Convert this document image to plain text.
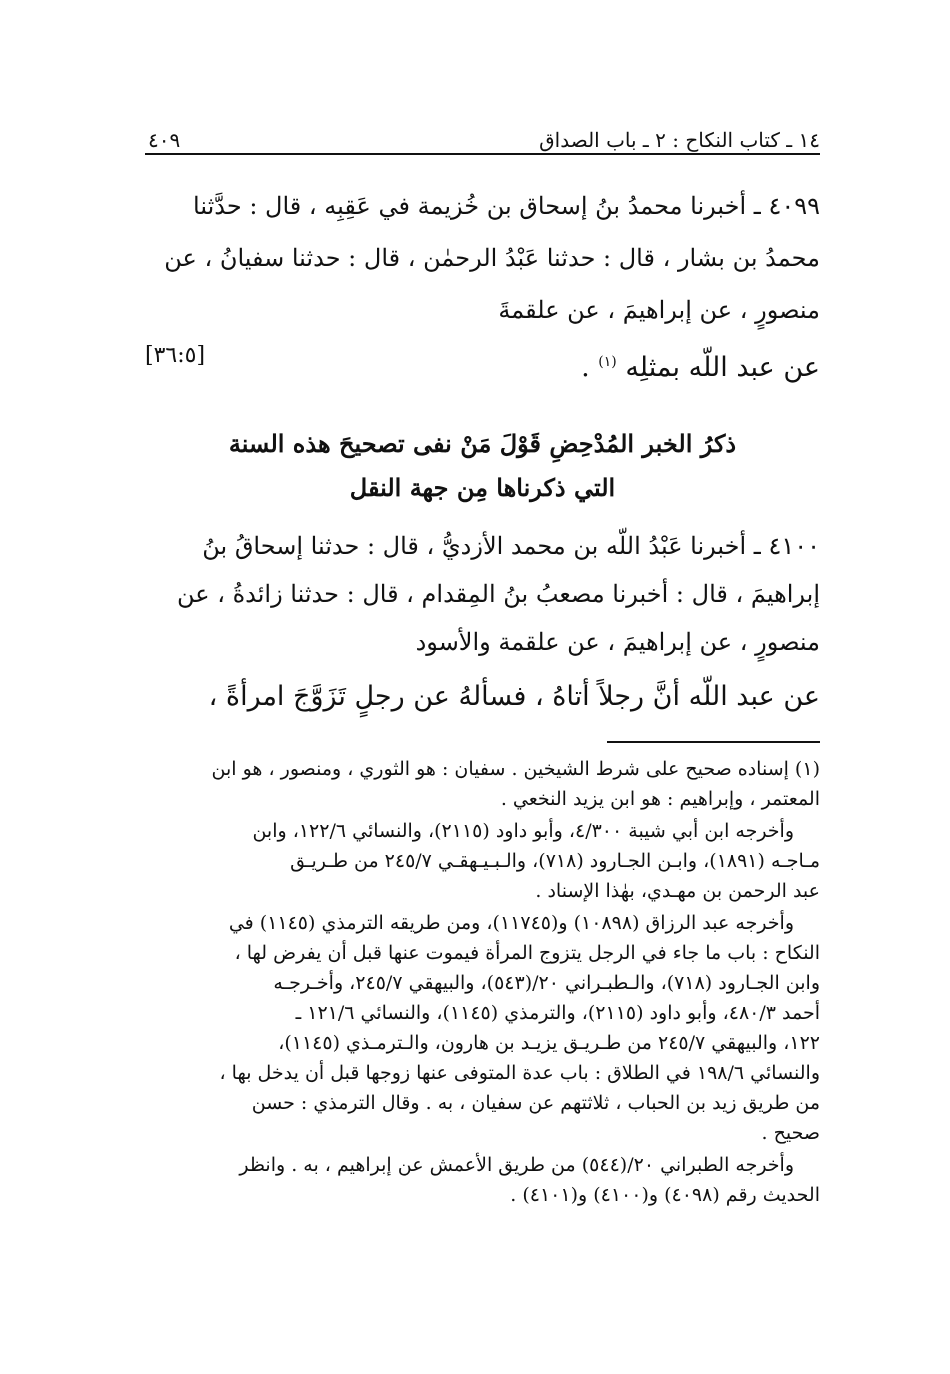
٤٠٩	١٤ ـ كتاب النكاح : ٢ ـ باب الصداق

٤٠٩٩ ـ أخبرنا محمدُ بنُ إسحاق بن خُزيمة في عَقِبِه ، قال : حدَّثنا
محمدُ بن بشار ، قال : حدثنا عَبْدُ الرحمٰن ، قال : حدثنا سفيانُ ، عن
منصورٍ ، عن إبراهيمَ ، عن علقمةَ
عن عبد اللّه بمثلِه $^{(١)}$ .

[٣٦:٥]
ذكرُ الخبر المُدْحِضِ قَوْلَ مَنْ نفى تصحيحَ هذه السنة
التي ذكرناها مِن جهة النقل

٤١٠٠ ـ أخبرنا عَبْدُ اللّه بن محمد الأزديُّ ، قال : حدثنا إسحاقُ بنُ
إبراهيمَ ، قال : أخبرنا مصعبُ بنُ المِقدام ، قال : حدثنا زائدةُ ، عن
منصورٍ ، عن إبراهيمَ ، عن علقمة والأسود
عن عبد اللّه أنَّ رجلاً أتاهُ ، فسألهُ عن رجلٍ تَزَوَّجَ امرأةً ،

(١) إسناده صحيح على شرط الشيخين . سفيان : هو الثوري ، ومنصور ، هو ابن
المعتمر ، وإبراهيم : هو ابن يزيد النخعي .
وأخرجه ابن أبي شيبة ٤/٣٠٠، وأبو داود (٢١١٥)، والنسائي ١٢٢/٦، وابن
مـاجـه (١٨٩١)، وابـن الجـارود (٧١٨)، والـبـيـهقـي ٢٤٥/٧ من طـريـق
عبد الرحمن بن مهـدي، بهٰذا الإسناد .
وأخرجه عبد الرزاق (١٠٨٩٨) و(١١٧٤٥)، ومن طريقه الترمذي (١١٤٥) في
النكاح : باب ما جاء في الرجل يتزوج المرأة فيموت عنها قبل أن يفرض لها ،
وابن الجـارود (٧١٨)، والـطبـراني ٢٠/(٥٤٣)، والبيهقي ٢٤٥/٧، وأخـرجـه
أحمد ٤٨٠/٣، وأبو داود (٢١١٥)، والترمذي (١١٤٥)، والنسائي ١٢١/٦ ـ
١٢٢، والبيهقي ٢٤٥/٧ من طـريـق يزيـد بن هارون، والـترمـذي (١١٤٥)،
والنسائي ١٩٨/٦ في الطلاق : باب عدة المتوفى عنها زوجها قبل أن يدخل بها ،
من طريق زيد بن الحباب ، ثلاثتهم عن سفيان ، به . وقال الترمذي : حسن
صحيح .
وأخرجه الطبراني ٢٠/(٥٤٤) من طريق الأعمش عن إبراهيم ، به . وانظر
الحديث رقم (٤٠٩٨) و(٤١٠٠) و(٤١٠١) .
